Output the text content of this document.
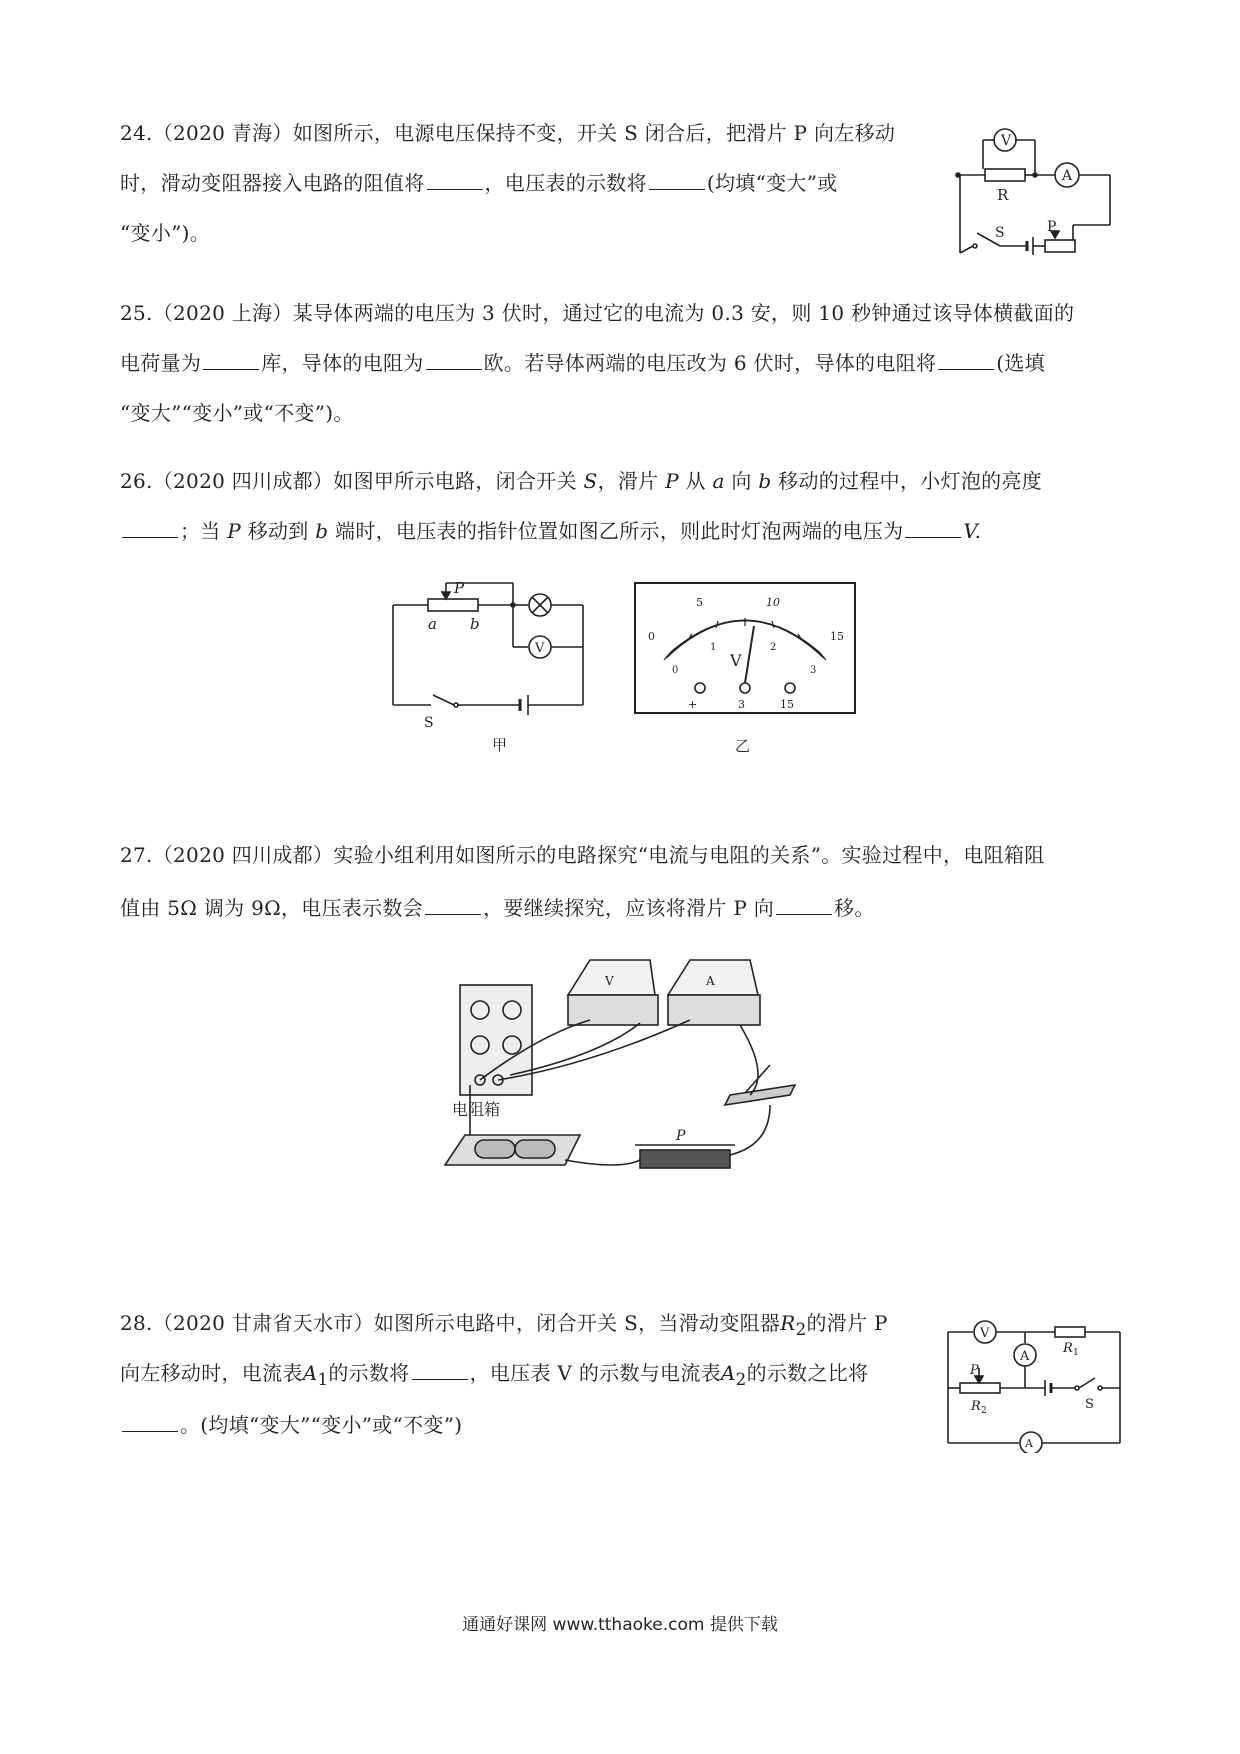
24.（2020 青海）如图所示，电源电压保持不变，开关 S 闭合后，把滑片 P 向左移动
时，滑动变阻器接入电路的阻值将	，电压表的示数将	(均填“变大”或
“变小”)。
V
A
R
S	P
25.（2020 上海）某导体两端的电压为 3 伏时，通过它的电流为 0.3 安，则 10 秒钟通过该导体横截面的
电荷量为	库，导体的电阻为	欧。若导体两端的电压改为 6 伏时，导体的电阻将	(选填
“变大”“变小”或“不变”)。
26.（2020 四川成都）如图甲所示电路，闭合开关 S，滑片 P 从 a 向 b 移动的过程中，小灯泡的亮度
；当 P 移动到 b 端时，电压表的指针位置如图乙所示，则此时灯泡两端的电压为	V.
P
a b
V
S
甲
0
5	10
15
0
1	2
3
V
+	3	15
乙
27.（2020 四川成都）实验小组利用如图所示的电路探究“电流与电阻的关系”。实验过程中，电阻箱阻
值由 5Ω 调为 9Ω，电压表示数会	，要继续探究，应该将滑片 P 向	移。
电阻箱
V	A
P
28.（2020 甘肃省天水市）如图所示电路中，闭合开关 S，当滑动变阻器$R_2$的滑片 P
向左移动时，电流表$A_1$的示数将	，电压表 V 的示数与电流表$A_2$的示数之比将
。(均填“变大”“变小”或“不变”)
V
A
A
R 1
R 2
P
S
通通好课网 www.tthaoke.com 提供下载
